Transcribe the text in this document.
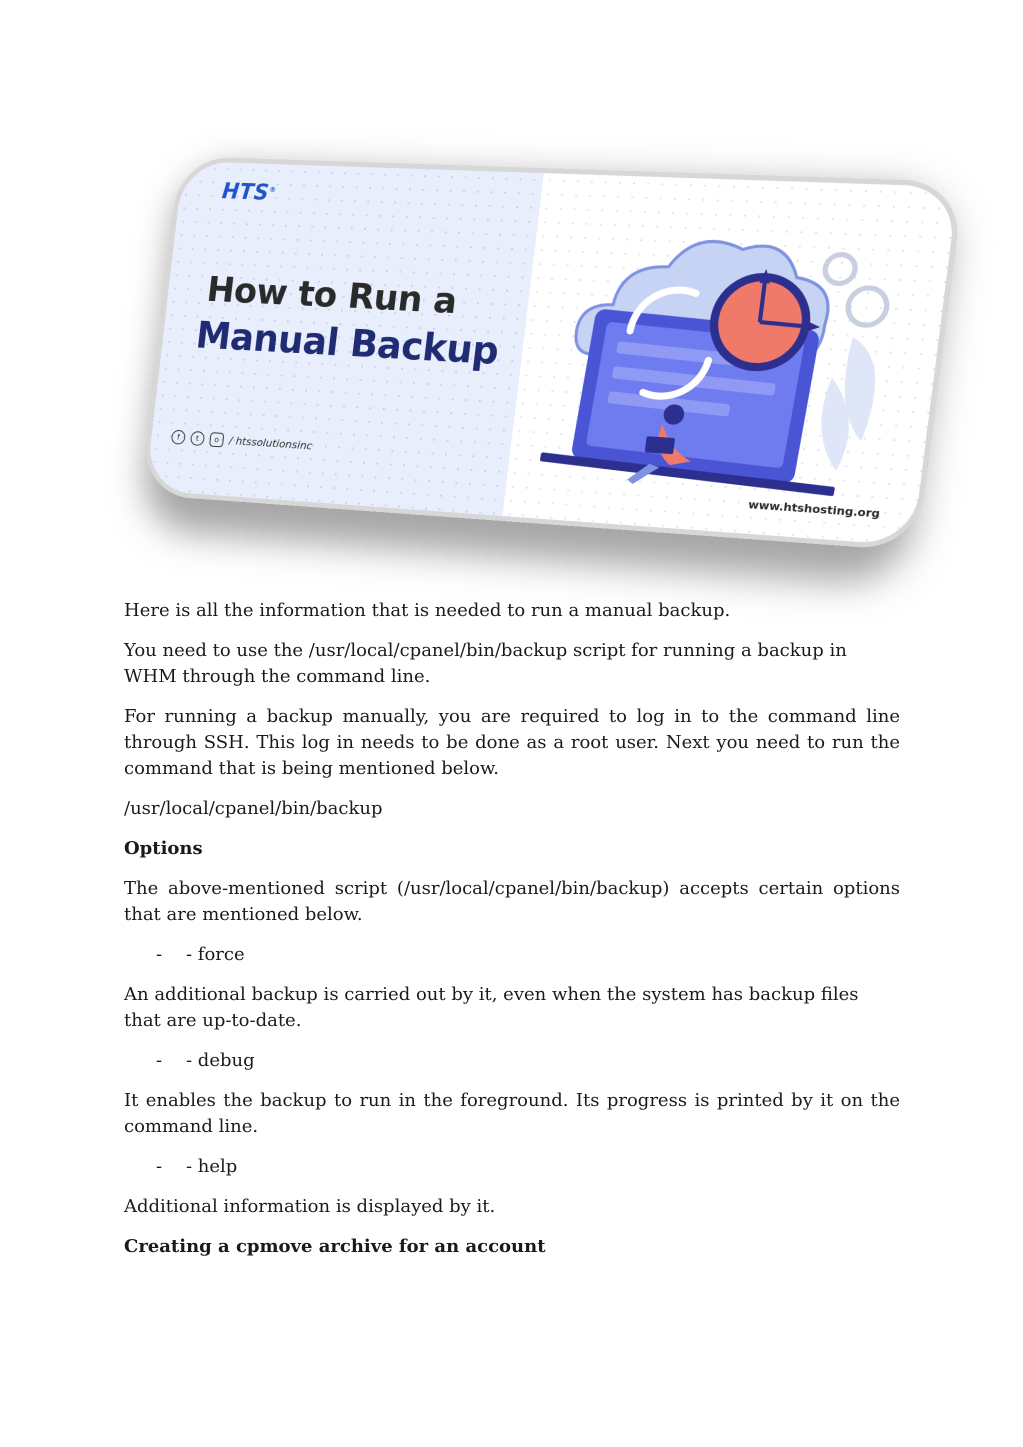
HTS®
How to Run a
Manual Backup
f	t	o / htssolutionsinc
www.htshosting.org

Here is all the information that is needed to run a manual backup.

You need to use the /usr/local/cpanel/bin/backup script for running a backup in WHM through the command line.

For running a backup manually, you are required to log in to the command line through SSH. This log in needs to be done as a root user. Next you need to run the command that is being mentioned below.

/usr/local/cpanel/bin/backup

Options

The above-mentioned script (/usr/local/cpanel/bin/backup) accepts certain options that are mentioned below.

-	- force

An additional backup is carried out by it, even when the system has backup files that are up-to-date.

-	- debug

It enables the backup to run in the foreground. Its progress is printed by it on the command line.

-	- help

Additional information is displayed by it.

Creating a cpmove archive for an account
